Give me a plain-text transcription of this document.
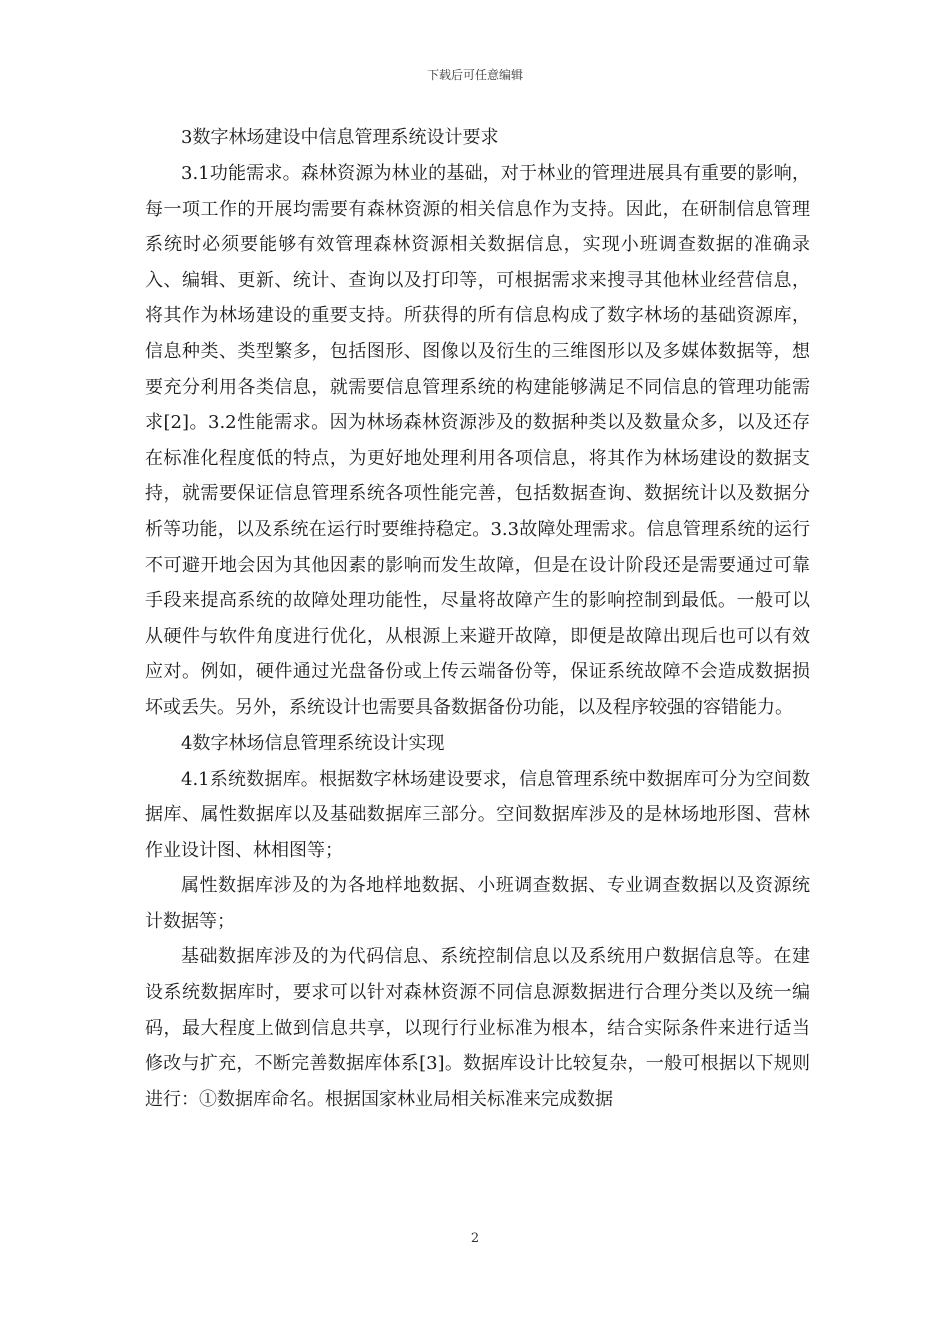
下载后可任意编辑

3数字林场建设中信息管理系统设计要求

3.1功能需求。森林资源为林业的基础，对于林业的管理进展具有重要的影响，每一项工作的开展均需要有森林资源的相关信息作为支持。因此，在研制信息管理系统时必须要能够有效管理森林资源相关数据信息，实现小班调查数据的准确录入、编辑、更新、统计、查询以及打印等，可根据需求来搜寻其他林业经营信息，将其作为林场建设的重要支持。所获得的所有信息构成了数字林场的基础资源库，信息种类、类型繁多，包括图形、图像以及衍生的三维图形以及多媒体数据等，想要充分利用各类信息，就需要信息管理系统的构建能够满足不同信息的管理功能需求[2]。3.2性能需求。因为林场森林资源涉及的数据种类以及数量众多，以及还存在标准化程度低的特点，为更好地处理利用各项信息，将其作为林场建设的数据支持，就需要保证信息管理系统各项性能完善，包括数据查询、数据统计以及数据分析等功能，以及系统在运行时要维持稳定。3.3故障处理需求。信息管理系统的运行不可避开地会因为其他因素的影响而发生故障，但是在设计阶段还是需要通过可靠手段来提高系统的故障处理功能性，尽量将故障产生的影响控制到最低。一般可以从硬件与软件角度进行优化，从根源上来避开故障，即便是故障出现后也可以有效应对。例如，硬件通过光盘备份或上传云端备份等，保证系统故障不会造成数据损坏或丢失。另外，系统设计也需要具备数据备份功能，以及程序较强的容错能力。

4数字林场信息管理系统设计实现

4.1系统数据库。根据数字林场建设要求，信息管理系统中数据库可分为空间数据库、属性数据库以及基础数据库三部分。空间数据库涉及的是林场地形图、营林作业设计图、林相图等；

属性数据库涉及的为各地样地数据、小班调查数据、专业调查数据以及资源统计数据等；

基础数据库涉及的为代码信息、系统控制信息以及系统用户数据信息等。在建设系统数据库时，要求可以针对森林资源不同信息源数据进行合理分类以及统一编码，最大程度上做到信息共享，以现行行业标准为根本，结合实际条件来进行适当修改与扩充，不断完善数据库体系[3]。数据库设计比较复杂，一般可根据以下规则进行：①数据库命名。根据国家林业局相关标准来完成数据

2
